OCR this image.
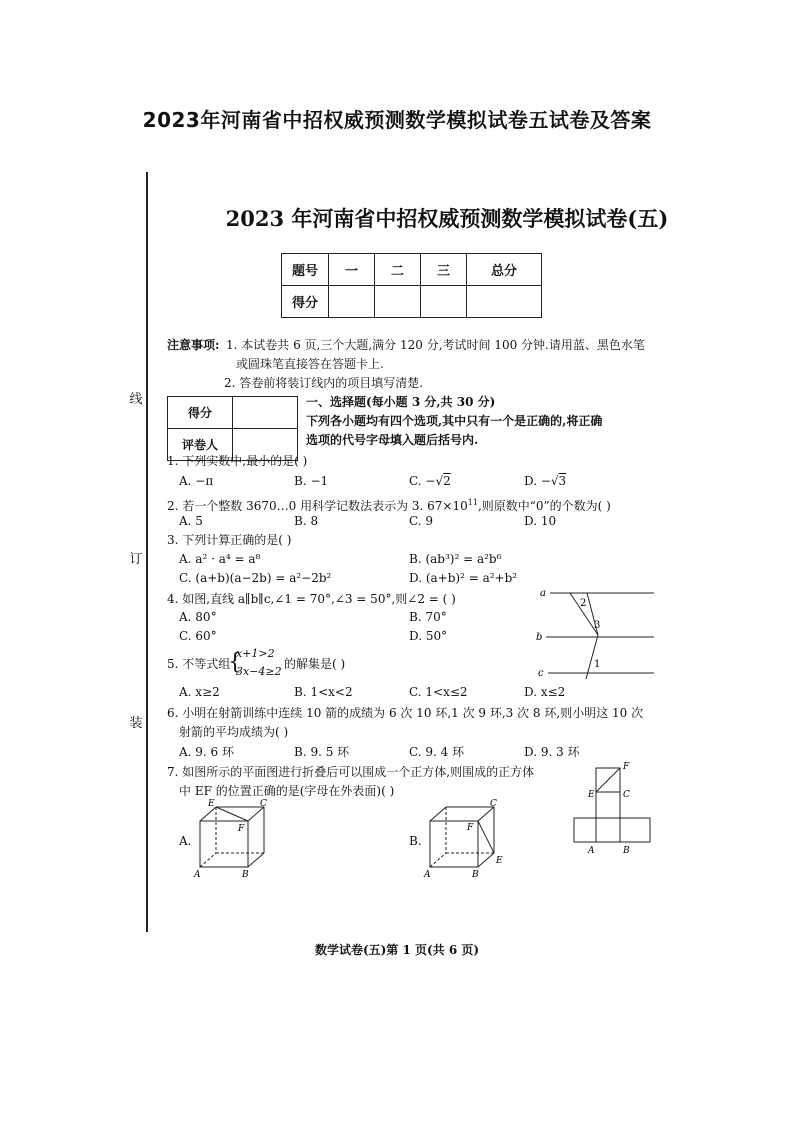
2023年河南省中招权威预测数学模拟试卷五试卷及答案
线
订
装
2023 年河南省中招权威预测数学模拟试卷(五)
题号	一	二	三	总分
得分				
注意事项: 1. 本试卷共 6 页,三个大题,满分 120 分,考试时间 100 分钟.请用蓝、黑色水笔
或圆珠笔直接答在答题卡上.
2. 答卷前将装订线内的项目填写清楚.
得分	
评卷人	
一、选择题(每小题 3 分,共 30 分)
下列各小题均有四个选项,其中只有一个是正确的,将正确
选项的代号字母填入题后括号内.
1. 下列实数中,最小的是( )
A. −π	B. −1	C. −√2	D. −√3
2. 若一个整数 3670…0 用科学记数法表示为 3. $67\times 10^{11}$,则原数中“0”的个数为( )
A. 5	B. 8	C. 9	D. 10
3. 下列计算正确的是( )
A. a² · a⁴ = a⁸	B. (ab³)² = a²b⁶
C. (a+b)(a−2b) = a²−2b²	D. (a+b)² = a²+b²
4. 如图,直线 a∥b∥c,∠1 = 70°,∠3 = 50°,则∠2 = ( )
A. 80°	B. 70°
C. 60°	D. 50°
a
b
c
2
3
1
5. 不等式组
{
x+1>2
3x−4≥2
的解集是( )
A. x≥2	B. 1<x<2	C. 1<x≤2	D. x≤2
6. 小明在射箭训练中连续 10 箭的成绩为 6 次 10 环,1 次 9 环,3 次 8 环,则小明这 10 次
射箭的平均成绩为( )
A. 9. 6 环	B. 9. 5 环	C. 9. 4 环	D. 9. 3 环
7. 如图所示的平面图进行折叠后可以围成一个正方体,则围成的正方体
中 EF 的位置正确的是(字母在外表面)( )
A.	B.
E	C
F
A	B
C
F
E
A	B
F
E	C
A	B
数学试卷(五)第 1 页(共 6 页)
